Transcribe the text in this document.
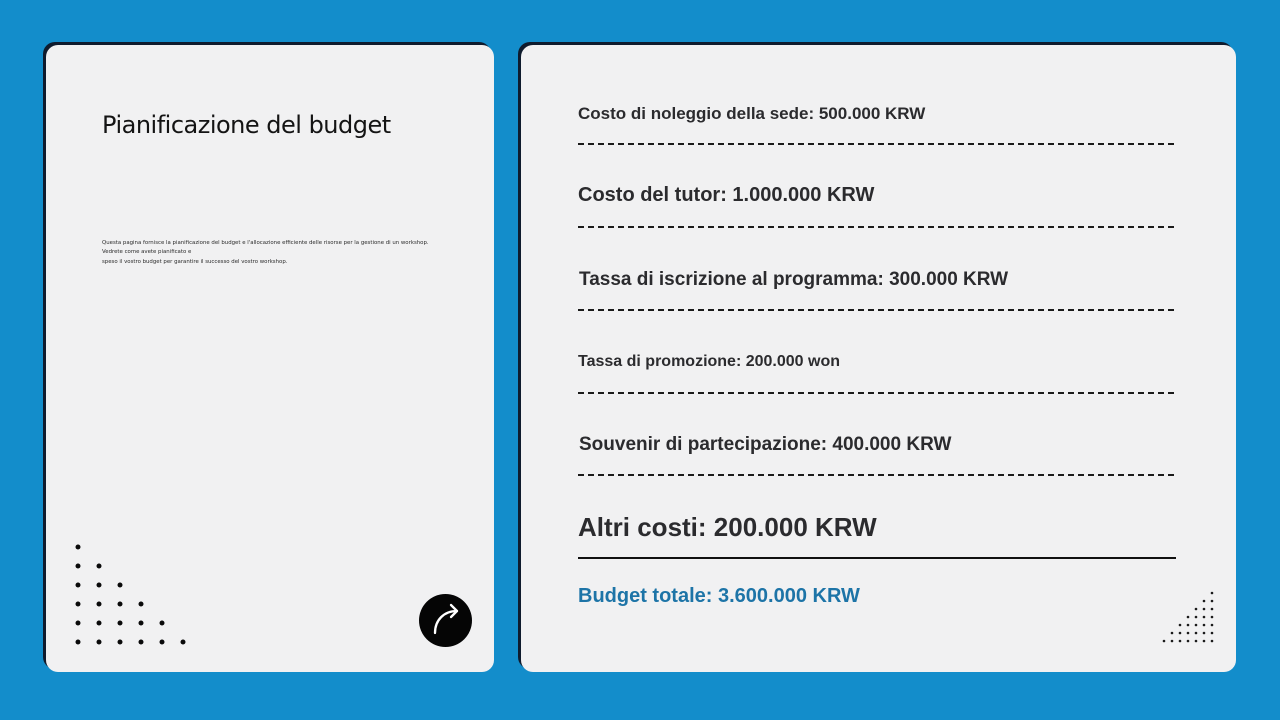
Pianificazione del budget
Questa pagina fornisce la pianificazione del budget e l'allocazione efficiente delle risorse per la gestione di un workshop.
Vedrete come avete pianificato e
speso il vostro budget per garantire il successo del vostro workshop.
Costo di noleggio della sede: 500.000 KRW
Costo del tutor: 1.000.000 KRW
Tassa di iscrizione al programma: 300.000 KRW
Tassa di promozione: 200.000 won
Souvenir di partecipazione: 400.000 KRW
Altri costi: 200.000 KRW
Budget totale: 3.600.000 KRW
